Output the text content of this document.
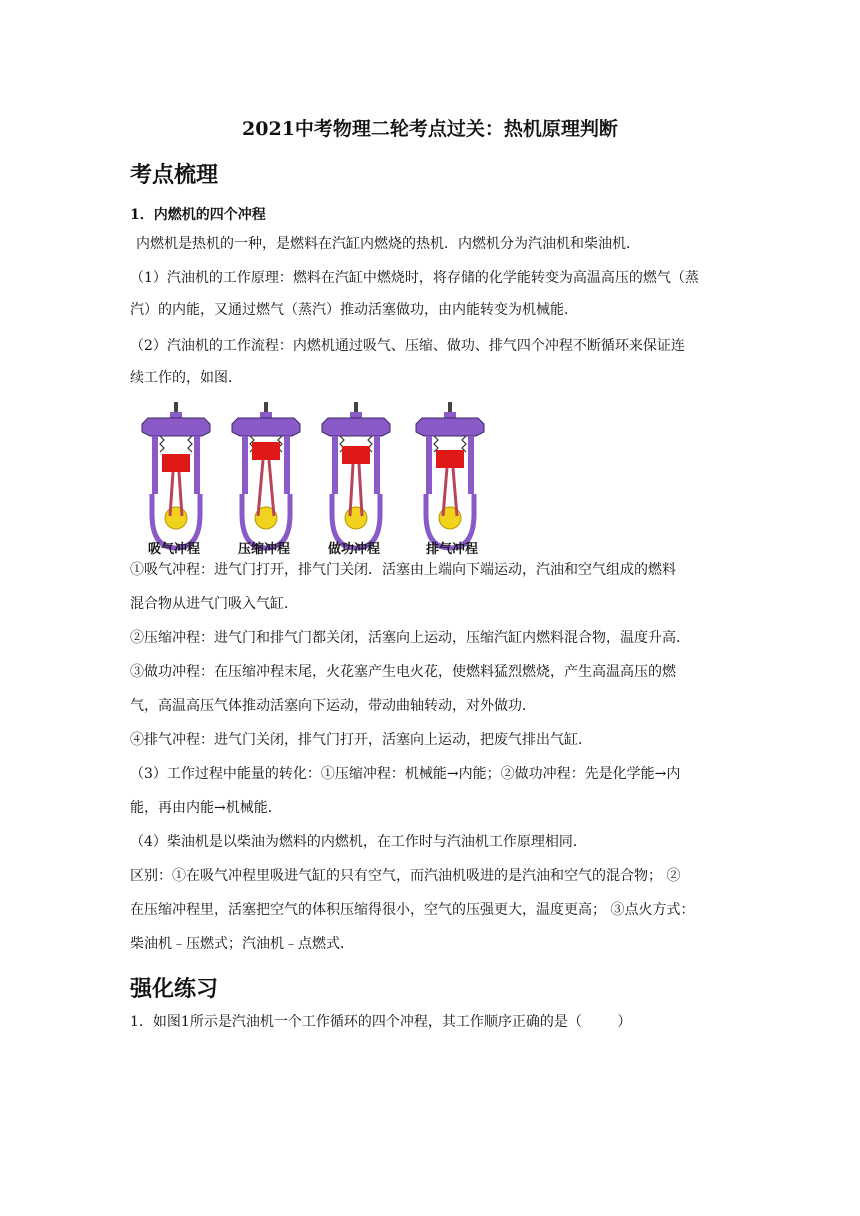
2021中考物理二轮考点过关：热机原理判断
考点梳理
1．内燃机的四个冲程
内燃机是热机的一种，是燃料在汽缸内燃烧的热机．内燃机分为汽油机和柴油机．
（1）汽油机的工作原理：燃料在汽缸中燃烧时，将存储的化学能转变为高温高压的燃气（蒸
汽）的内能，又通过燃气（蒸汽）推动活塞做功，由内能转变为机械能．
（2）汽油机的工作流程：内燃机通过吸气、压缩、做功、排气四个冲程不断循环来保证连
续工作的，如图．
吸气冲程	压缩冲程	做功冲程	排气冲程
①吸气冲程：进气门打开，排气门关闭．活塞由上端向下端运动，汽油和空气组成的燃料
混合物从进气门吸入气缸．
②压缩冲程：进气门和排气门都关闭，活塞向上运动，压缩汽缸内燃料混合物，温度升高．
③做功冲程：在压缩冲程末尾，火花塞产生电火花，使燃料猛烈燃烧，产生高温高压的燃
气，高温高压气体推动活塞向下运动，带动曲轴转动，对外做功．
④排气冲程：进气门关闭，排气门打开，活塞向上运动，把废气排出气缸．
（3）工作过程中能量的转化：①压缩冲程：机械能→内能；②做功冲程：先是化学能→内
能，再由内能→机械能．
（4）柴油机是以柴油为燃料的内燃机，在工作时与汽油机工作原理相同．
区别：①在吸气冲程里吸进气缸的只有空气，而汽油机吸进的是汽油和空气的混合物； ②
在压缩冲程里，活塞把空气的体积压缩得很小，空气的压强更大，温度更高； ③点火方式：
柴油机﹣压燃式；汽油机﹣点燃式．
强化练习
1．如图1所示是汽油机一个工作循环的四个冲程，其工作顺序正确的是（        ）
